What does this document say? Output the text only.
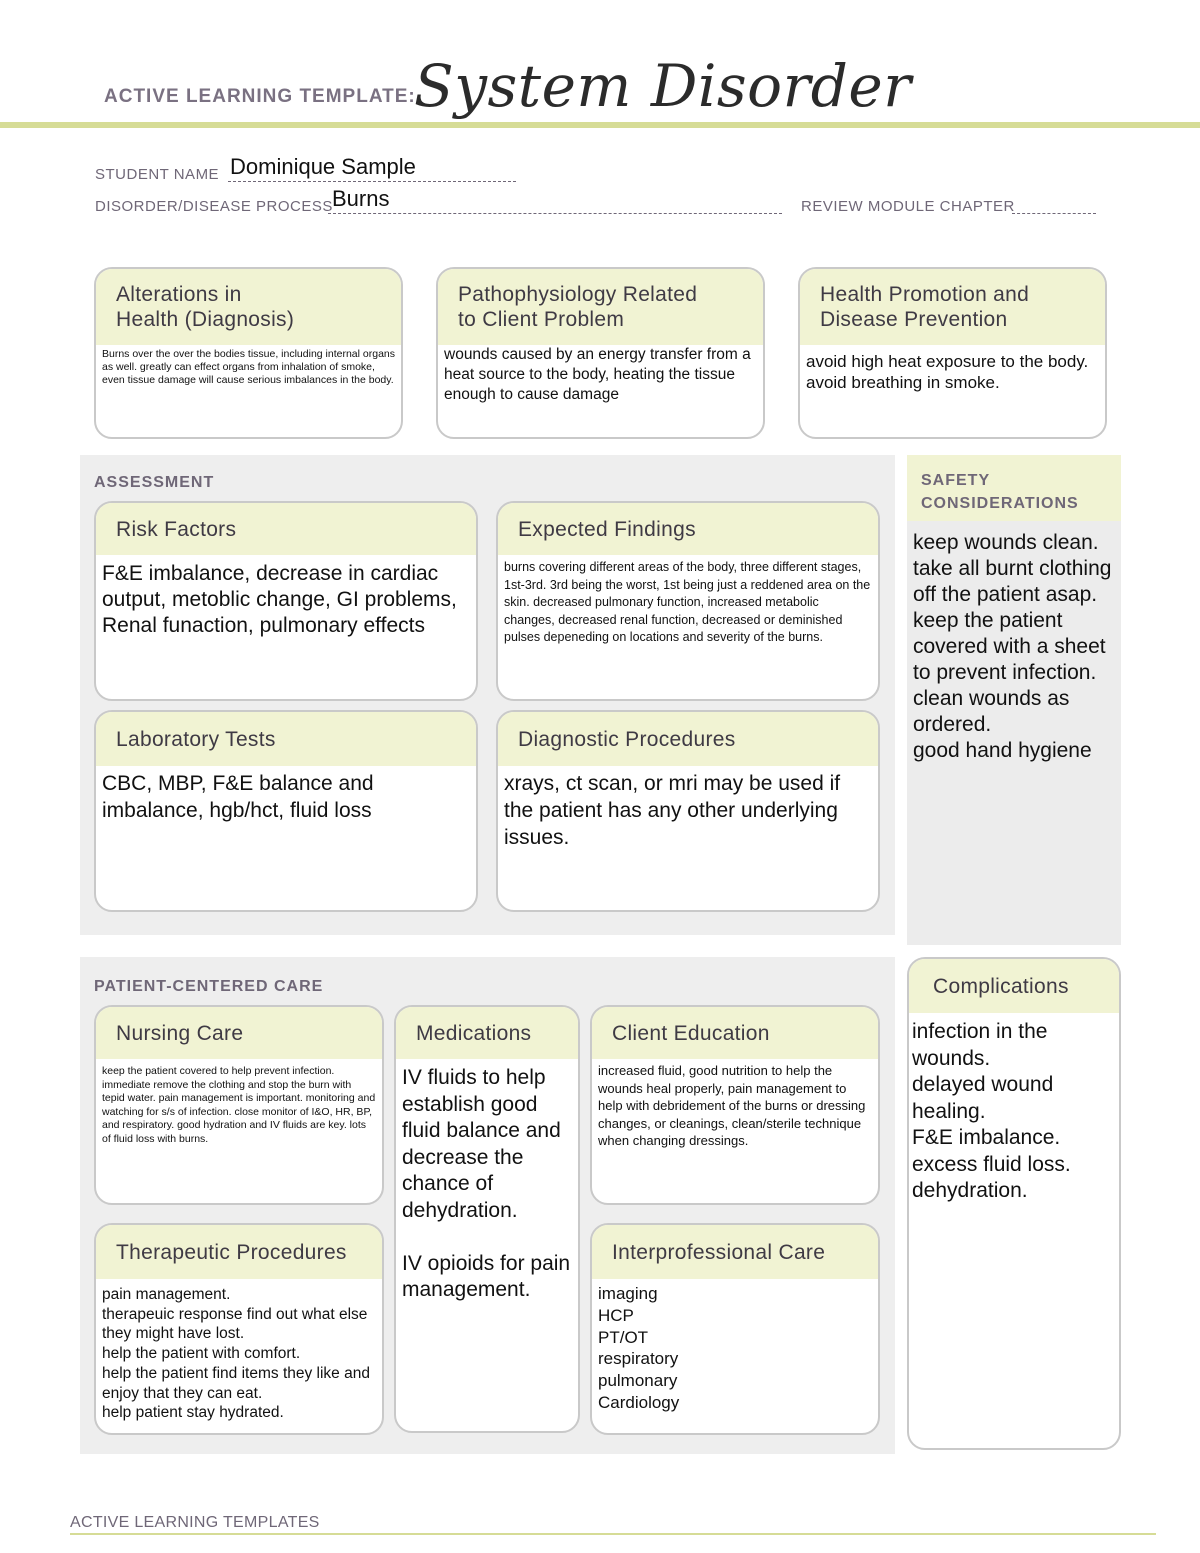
ACTIVE LEARNING TEMPLATE:
System Disorder
STUDENT NAME Dominique Sample
DISORDER/DISEASE PROCESS Burns	REVIEW MODULE CHAPTER
Alterations in
Health (Diagnosis)
Burns over the over the bodies tissue, including internal organs as well. greatly can effect organs from inhalation of smoke, even tissue damage will cause serious imbalances in the body.
Pathophysiology Related
to Client Problem
wounds caused by an energy transfer from a heat source to the body, heating the tissue enough to cause damage
Health Promotion and
Disease Prevention
avoid high heat exposure to the body. avoid breathing in smoke.
ASSESSMENT
Risk Factors
F&E imbalance, decrease in cardiac output, metoblic change, GI problems, Renal funaction, pulmonary effects
Expected Findings
burns covering different areas of the body, three different stages, 1st-3rd. 3rd being the worst, 1st being just a reddened area on the skin. decreased pulmonary function, increased metabolic changes, decreased renal function, decreased or deminished pulses depeneding on locations and severity of the burns.
Laboratory Tests
CBC, MBP, F&E balance and imbalance, hgb/hct, fluid loss
Diagnostic Procedures
xrays, ct scan, or mri may be used if the patient has any other underlying issues.
SAFETY
CONSIDERATIONS
keep wounds clean.
take all burnt clothing off the patient asap.
keep the patient covered with a sheet to prevent infection.
clean wounds as ordered.
good hand hygiene
PATIENT-CENTERED CARE
Nursing Care
keep the patient covered to help prevent infection. immediate remove the clothing and stop the burn with tepid water. pain management is important. monitoring and watching for s/s of infection. close monitor of I&O, HR, BP, and respiratory. good hydration and IV fluids are key. lots of fluid loss with burns.
Medications
IV fluids to help establish good fluid balance and decrease the chance of dehydration.

IV opioids for pain management.
Client Education
increased fluid, good nutrition to help the wounds heal properly, pain management to help with debridement of the burns or dressing changes, or cleanings, clean/sterile technique when changing dressings.
Therapeutic Procedures
pain management.
therapeuic response find out what else they might have lost.
help the patient with comfort.
help the patient find items they like and enjoy that they can eat.
help patient stay hydrated.
Interprofessional Care
imaging
HCP
PT/OT
respiratory
pulmonary
Cardiology
Complications
infection in the wounds.
delayed wound healing.
F&E imbalance.
excess fluid loss.
dehydration.
ACTIVE LEARNING TEMPLATES
